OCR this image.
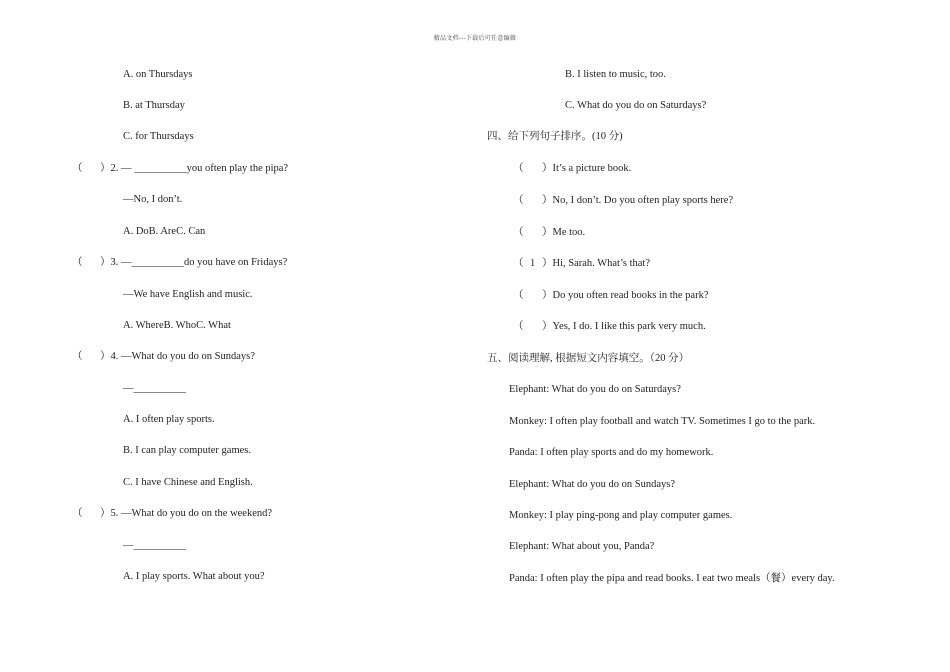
精品文档---下载后可任意编辑
A. on Thursdays
B. at Thursday
C. for Thursdays
（ ）2. — __________you often play the pipa?
—No, I don’t.
A. DoB. AreC. Can
（ ）3. —__________do you have on Fridays?
—We have English and music.
A. WhereB. WhoC. What
（ ）4. —What do you do on Sundays?
—__________
A. I often play sports.
B. I can play computer games.
C. I have Chinese and English.
（ ）5. —What do you do on the weekend?
—__________
A. I play sports. What about you?
B. I listen to music, too.
C. What do you do on Saturdays?
四、给下列句子排序。(10 分)
（ ）It’s a picture book.
（ ）No, I don’t. Do you often play sports here?
（ ）Me too.
（ 1 ）Hi, Sarah. What’s that?
（ ）Do you often read books in the park?
（ ）Yes, I do. I like this park very much.
五、阅读理解, 根据短文内容填空。（20 分）
Elephant: What do you do on Saturdays?
Monkey: I often play football and watch TV. Sometimes I go to the park.
Panda: I often play sports and do my homework.
Elephant: What do you do on Sundays?
Monkey: I play ping-pong and play computer games.
Elephant: What about you, Panda?
Panda: I often play the pipa and read books. I eat two meals（餐）every day.
